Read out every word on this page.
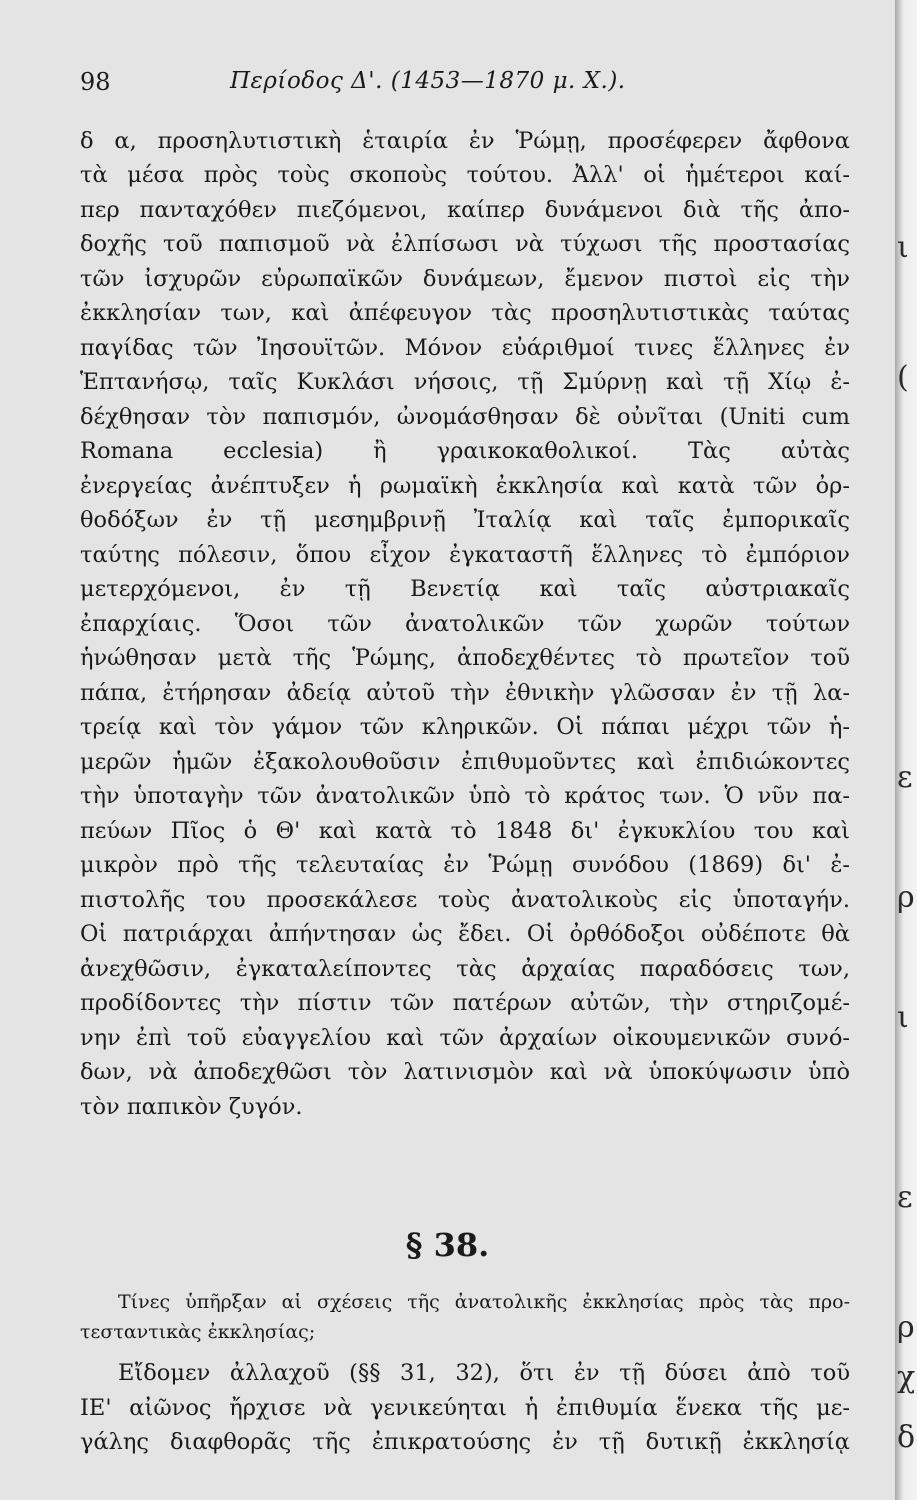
98	Περίοδος Δ'. (1453—1870 μ. Χ.).
δ α, προσηλυτιστικὴ ἑταιρία ἐν Ῥώμῃ, προσέφερεν ἄφθονα
τὰ μέσα πρὸς τοὺς σκοποὺς τούτου. Ἀλλ' οἱ ἡμέτεροι καί-
περ πανταχόθεν πιεζόμενοι, καίπερ δυνάμενοι διὰ τῆς ἀπο-
δοχῆς τοῦ παπισμοῦ νὰ ἐλπίσωσι νὰ τύχωσι τῆς προστασίας
τῶν ἰσχυρῶν εὐρωπαϊκῶν δυνάμεων, ἔμενον πιστοὶ εἰς τὴν
ἐκκλησίαν των, καὶ ἀπέφευγον τὰς προσηλυτιστικὰς ταύτας
παγίδας τῶν Ἰησουϊτῶν. Μόνον εὐάριθμοί τινες ἕλληνες ἐν
Ἑπτανήσῳ, ταῖς Κυκλάσι νήσοις, τῇ Σμύρνῃ καὶ τῇ Χίῳ ἐ-
δέχθησαν τὸν παπισμόν, ὠνομάσθησαν δὲ οὐνῖται (Uniti cum
Romana ecclesia) ἢ γραικοκαθολικοί. Τὰς αὐτὰς
ἐνεργείας ἀνέπτυξεν ἡ ρωμαϊκὴ ἐκκλησία καὶ κατὰ τῶν ὀρ-
θοδόξων ἐν τῇ μεσημβρινῇ Ἰταλίᾳ καὶ ταῖς ἐμπορικαῖς
ταύτης πόλεσιν, ὅπου εἶχον ἐγκαταστῆ ἕλληνες τὸ ἐμπόριον
μετερχόμενοι, ἐν τῇ Βενετίᾳ καὶ ταῖς αὐστριακαῖς
ἐπαρχίαις. Ὅσοι τῶν ἀνατολικῶν τῶν χωρῶν τούτων
ἡνώθησαν μετὰ τῆς Ῥώμης, ἀποδεχθέντες τὸ πρωτεῖον τοῦ
πάπα, ἐτήρησαν ἀδείᾳ αὐτοῦ τὴν ἐθνικὴν γλῶσσαν ἐν τῇ λα-
τρείᾳ καὶ τὸν γάμον τῶν κληρικῶν. Οἱ πάπαι μέχρι τῶν ἡ-
μερῶν ἡμῶν ἐξακολουθοῦσιν ἐπιθυμοῦντες καὶ ἐπιδιώκοντες
τὴν ὑποταγὴν τῶν ἀνατολικῶν ὑπὸ τὸ κράτος των. Ὁ νῦν πα-
πεύων Πῖος ὁ Θ' καὶ κατὰ τὸ 1848 δι' ἐγκυκλίου του καὶ
μικρὸν πρὸ τῆς τελευταίας ἐν Ῥώμῃ συνόδου (1869) δι' ἐ-
πιστολῆς του προσεκάλεσε τοὺς ἀνατολικοὺς εἰς ὑποταγήν.
Οἱ πατριάρχαι ἀπήντησαν ὡς ἔδει. Οἱ ὀρθόδοξοι οὐδέποτε θὰ
ἀνεχθῶσιν, ἐγκαταλείποντες τὰς ἀρχαίας παραδόσεις των,
προδίδοντες τὴν πίστιν τῶν πατέρων αὐτῶν, τὴν στηριζομέ-
νην ἐπὶ τοῦ εὐαγγελίου καὶ τῶν ἀρχαίων οἰκουμενικῶν συνό-
δων, νὰ ἀποδεχθῶσι τὸν λατινισμὸν καὶ νὰ ὑποκύψωσιν ὑπὸ
τὸν παπικὸν ζυγόν.
§ 38.
Τίνες ὑπῆρξαν αἱ σχέσεις τῆς ἀνατολικῆς ἐκκλησίας πρὸς τὰς προ-
τεσταντικὰς ἐκκλησίας;
Εἴδομεν ἀλλαχοῦ (§§ 31, 32), ὅτι ἐν τῇ δύσει ἀπὸ τοῦ
ΙΕ' αἰῶνος ἤρχισε νὰ γενικεύηται ἡ ἐπιθυμία ἕνεκα τῆς με-
γάλης διαφθορᾶς τῆς ἐπικρατούσης ἐν τῇ δυτικῇ ἐκκλησίᾳ
ι
(
ε
ρ
ι
ε
ρ
χ
δ
